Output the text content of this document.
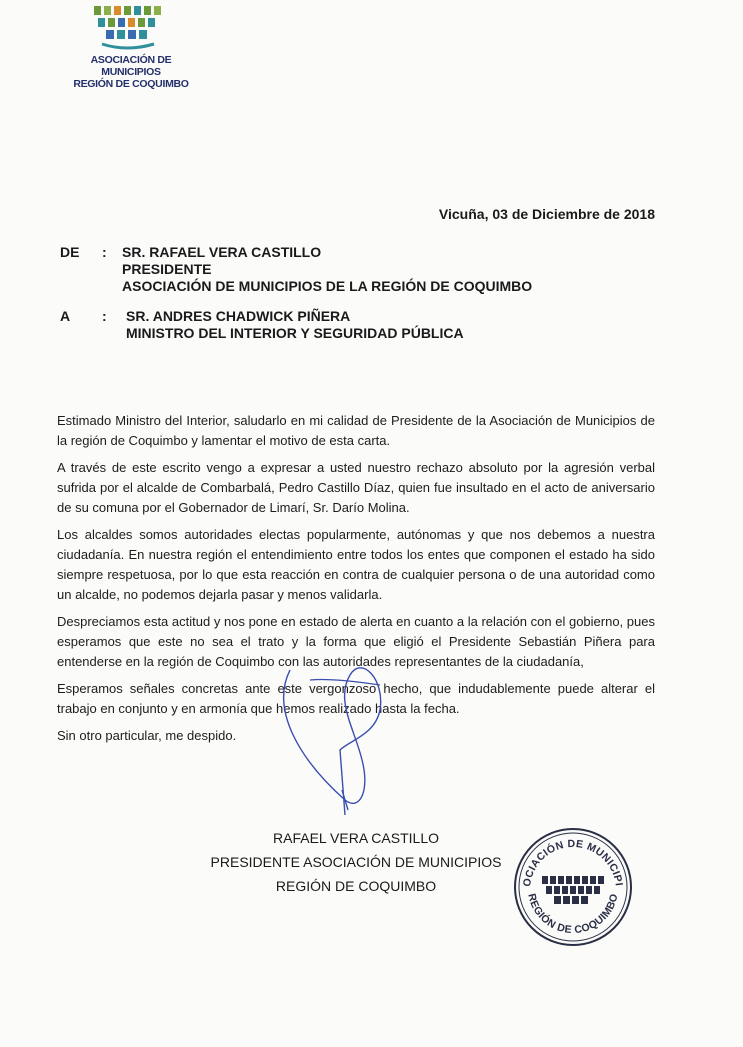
ASOCIACIÓN DE MUNICIPIOS
REGIÓN DE COQUIMBO
Vicuña, 03 de Diciembre de 2018
DE : SR. RAFAEL VERA CASTILLO
PRESIDENTE
ASOCIACIÓN DE MUNICIPIOS DE LA REGIÓN DE COQUIMBO
A : SR. ANDRES CHADWICK PIÑERA
MINISTRO DEL INTERIOR Y SEGURIDAD PÚBLICA

Estimado Ministro del Interior, saludarlo en mi calidad de Presidente de la Asociación de Municipios de la región de Coquimbo y lamentar el motivo de esta carta.

A través de este escrito vengo a expresar a usted nuestro rechazo absoluto por la agresión verbal sufrida por el alcalde de Combarbalá, Pedro Castillo Díaz, quien fue insultado en el acto de aniversario de su comuna por el Gobernador de Limarí, Sr. Darío Molina.

Los alcaldes somos autoridades electas popularmente, autónomas y que nos debemos a nuestra ciudadanía. En nuestra región el entendimiento entre todos los entes que componen el estado ha sido siempre respetuosa, por lo que esta reacción en contra de cualquier persona o de una autoridad como un alcalde, no podemos dejarla pasar y menos validarla.

Despreciamos esta actitud y nos pone en estado de alerta en cuanto a la relación con el gobierno, pues esperamos que este no sea el trato y la forma que eligió el Presidente Sebastián Piñera para entenderse en la región de Coquimbo con las autoridades representantes de la ciudadanía,

Esperamos señales concretas ante este vergonzoso hecho, que indudablemente puede alterar el trabajo en conjunto y en armonía que hemos realizado hasta la fecha.

Sin otro particular, me despido.

RAFAEL VERA CASTILLO
PRESIDENTE ASOCIACIÓN DE MUNICIPIOS
REGIÓN DE COQUIMBO	OCIACIÓN DE MUNICIPI
REGIÓN DE COQUIMBO
